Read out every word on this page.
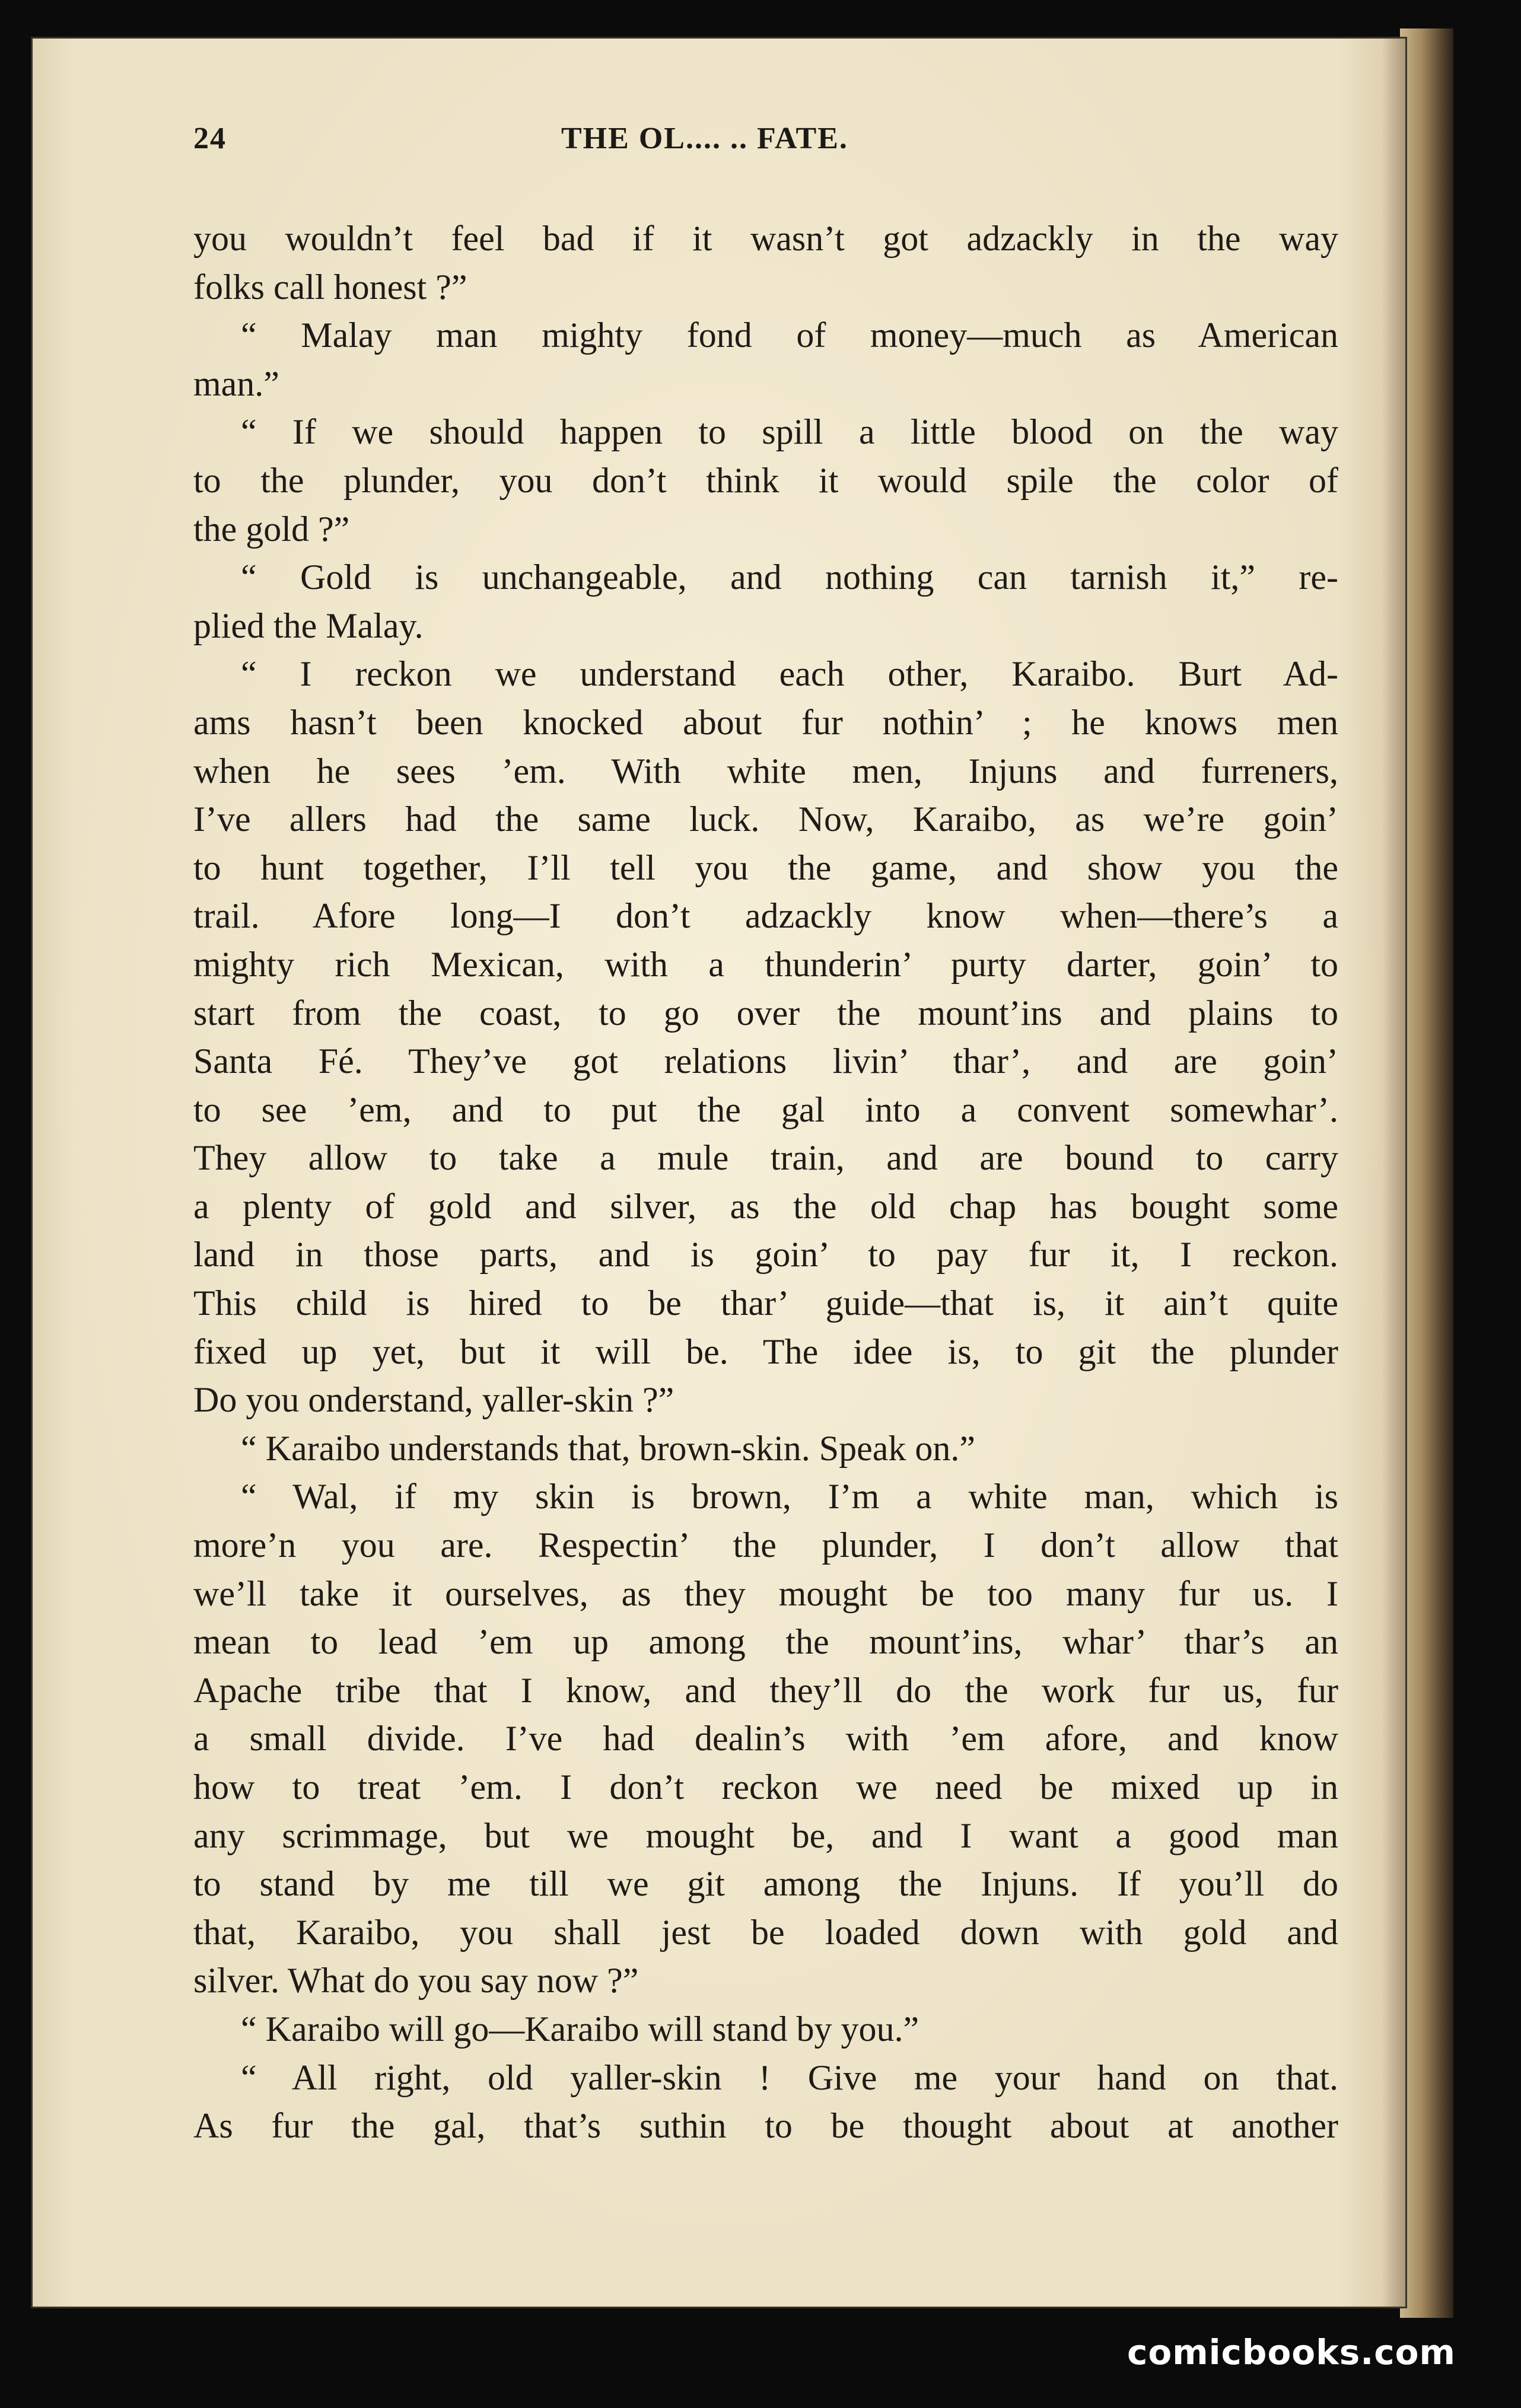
24	THE OL.... .. FATE.
you wouldn’t feel bad if it wasn’t got adzackly in the way
folks call honest ?”
“ Malay man mighty fond of money—much as American
man.”
“ If we should happen to spill a little blood on the way
to the plunder, you don’t think it would spile the color of
the gold ?”
“ Gold is unchangeable, and nothing can tarnish it,” re-
plied the Malay.
“ I reckon we understand each other, Karaibo. Burt Ad-
ams hasn’t been knocked about fur nothin’ ; he knows men
when he sees ’em. With white men, Injuns and furreners,
I’ve allers had the same luck. Now, Karaibo, as we’re goin’
to hunt together, I’ll tell you the game, and show you the
trail. Afore long—I don’t adzackly know when—there’s a
mighty rich Mexican, with a thunderin’ purty darter, goin’ to
start from the coast, to go over the mount’ins and plains to
Santa Fé. They’ve got relations livin’ thar’, and are goin’
to see ’em, and to put the gal into a convent somewhar’.
They allow to take a mule train, and are bound to carry
a plenty of gold and silver, as the old chap has bought some
land in those parts, and is goin’ to pay fur it, I reckon.
This child is hired to be thar’ guide—that is, it ain’t quite
fixed up yet, but it will be. The idee is, to git the plunder
Do you onderstand, yaller-skin ?”
“ Karaibo understands that, brown-skin. Speak on.”
“ Wal, if my skin is brown, I’m a white man, which is
more’n you are. Respectin’ the plunder, I don’t allow that
we’ll take it ourselves, as they mought be too many fur us. I
mean to lead ’em up among the mount’ins, whar’ thar’s an
Apache tribe that I know, and they’ll do the work fur us, fur
a small divide. I’ve had dealin’s with ’em afore, and know
how to treat ’em. I don’t reckon we need be mixed up in
any scrimmage, but we mought be, and I want a good man
to stand by me till we git among the Injuns. If you’ll do
that, Karaibo, you shall jest be loaded down with gold and
silver. What do you say now ?”
“ Karaibo will go—Karaibo will stand by you.”
“ All right, old yaller-skin ! Give me your hand on that.
As fur the gal, that’s suthin to be thought about at another
comicbooks.com
